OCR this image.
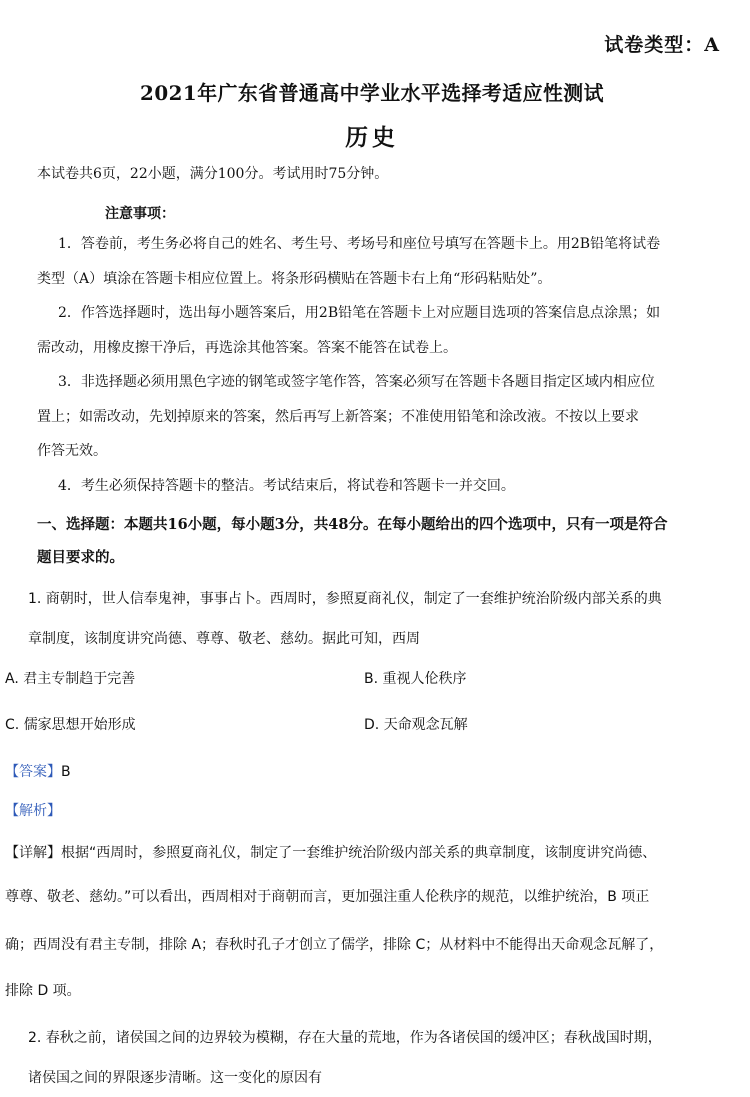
试卷类型：A
2021年广东省普通高中学业水平选择考适应性测试
历史
本试卷共6页，22小题，满分100分。考试用时75分钟。
注意事项：
1．答卷前，考生务必将自己的姓名、考生号、考场号和座位号填写在答题卡上。用2B铅笔将试卷
类型（A）填涂在答题卡相应位置上。将条形码横贴在答题卡右上角“形码粘贴处”。
2．作答选择题时，选出每小题答案后，用2B铅笔在答题卡上对应题目选项的答案信息点涂黑；如
需改动，用橡皮擦干净后，再选涂其他答案。答案不能答在试卷上。
3．非选择题必须用黑色字迹的钢笔或签字笔作答，答案必须写在答题卡各题目指定区域内相应位
置上；如需改动，先划掉原来的答案，然后再写上新答案；不准使用铅笔和涂改液。不按以上要求
作答无效。
4．考生必须保持答题卡的整洁。考试结束后，将试卷和答题卡一并交回。
一、选择题：本题共16小题，每小题3分，共48分。在每小题给出的四个选项中，只有一项是符合
题目要求的。
1. 商朝时，世人信奉鬼神，事事占卜。西周时，参照夏商礼仪，制定了一套维护统治阶级内部关系的典
章制度，该制度讲究尚德、尊尊、敬老、慈幼。据此可知，西周
A. 君主专制趋于完善	B. 重视人伦秩序
C. 儒家思想开始形成	D. 天命观念瓦解
【答案】B
【解析】
【详解】根据“西周时，参照夏商礼仪，制定了一套维护统治阶级内部关系的典章制度，该制度讲究尚德、
尊尊、敬老、慈幼。”可以看出，西周相对于商朝而言，更加强注重人伦秩序的规范，以维护统治，B 项正
确；西周没有君主专制，排除 A；春秋时孔子才创立了儒学，排除 C；从材料中不能得出天命观念瓦解了，
排除 D 项。
2. 春秋之前，诸侯国之间的边界较为模糊，存在大量的荒地，作为各诸侯国的缓冲区；春秋战国时期，
诸侯国之间的界限逐步清晰。这一变化的原因有
